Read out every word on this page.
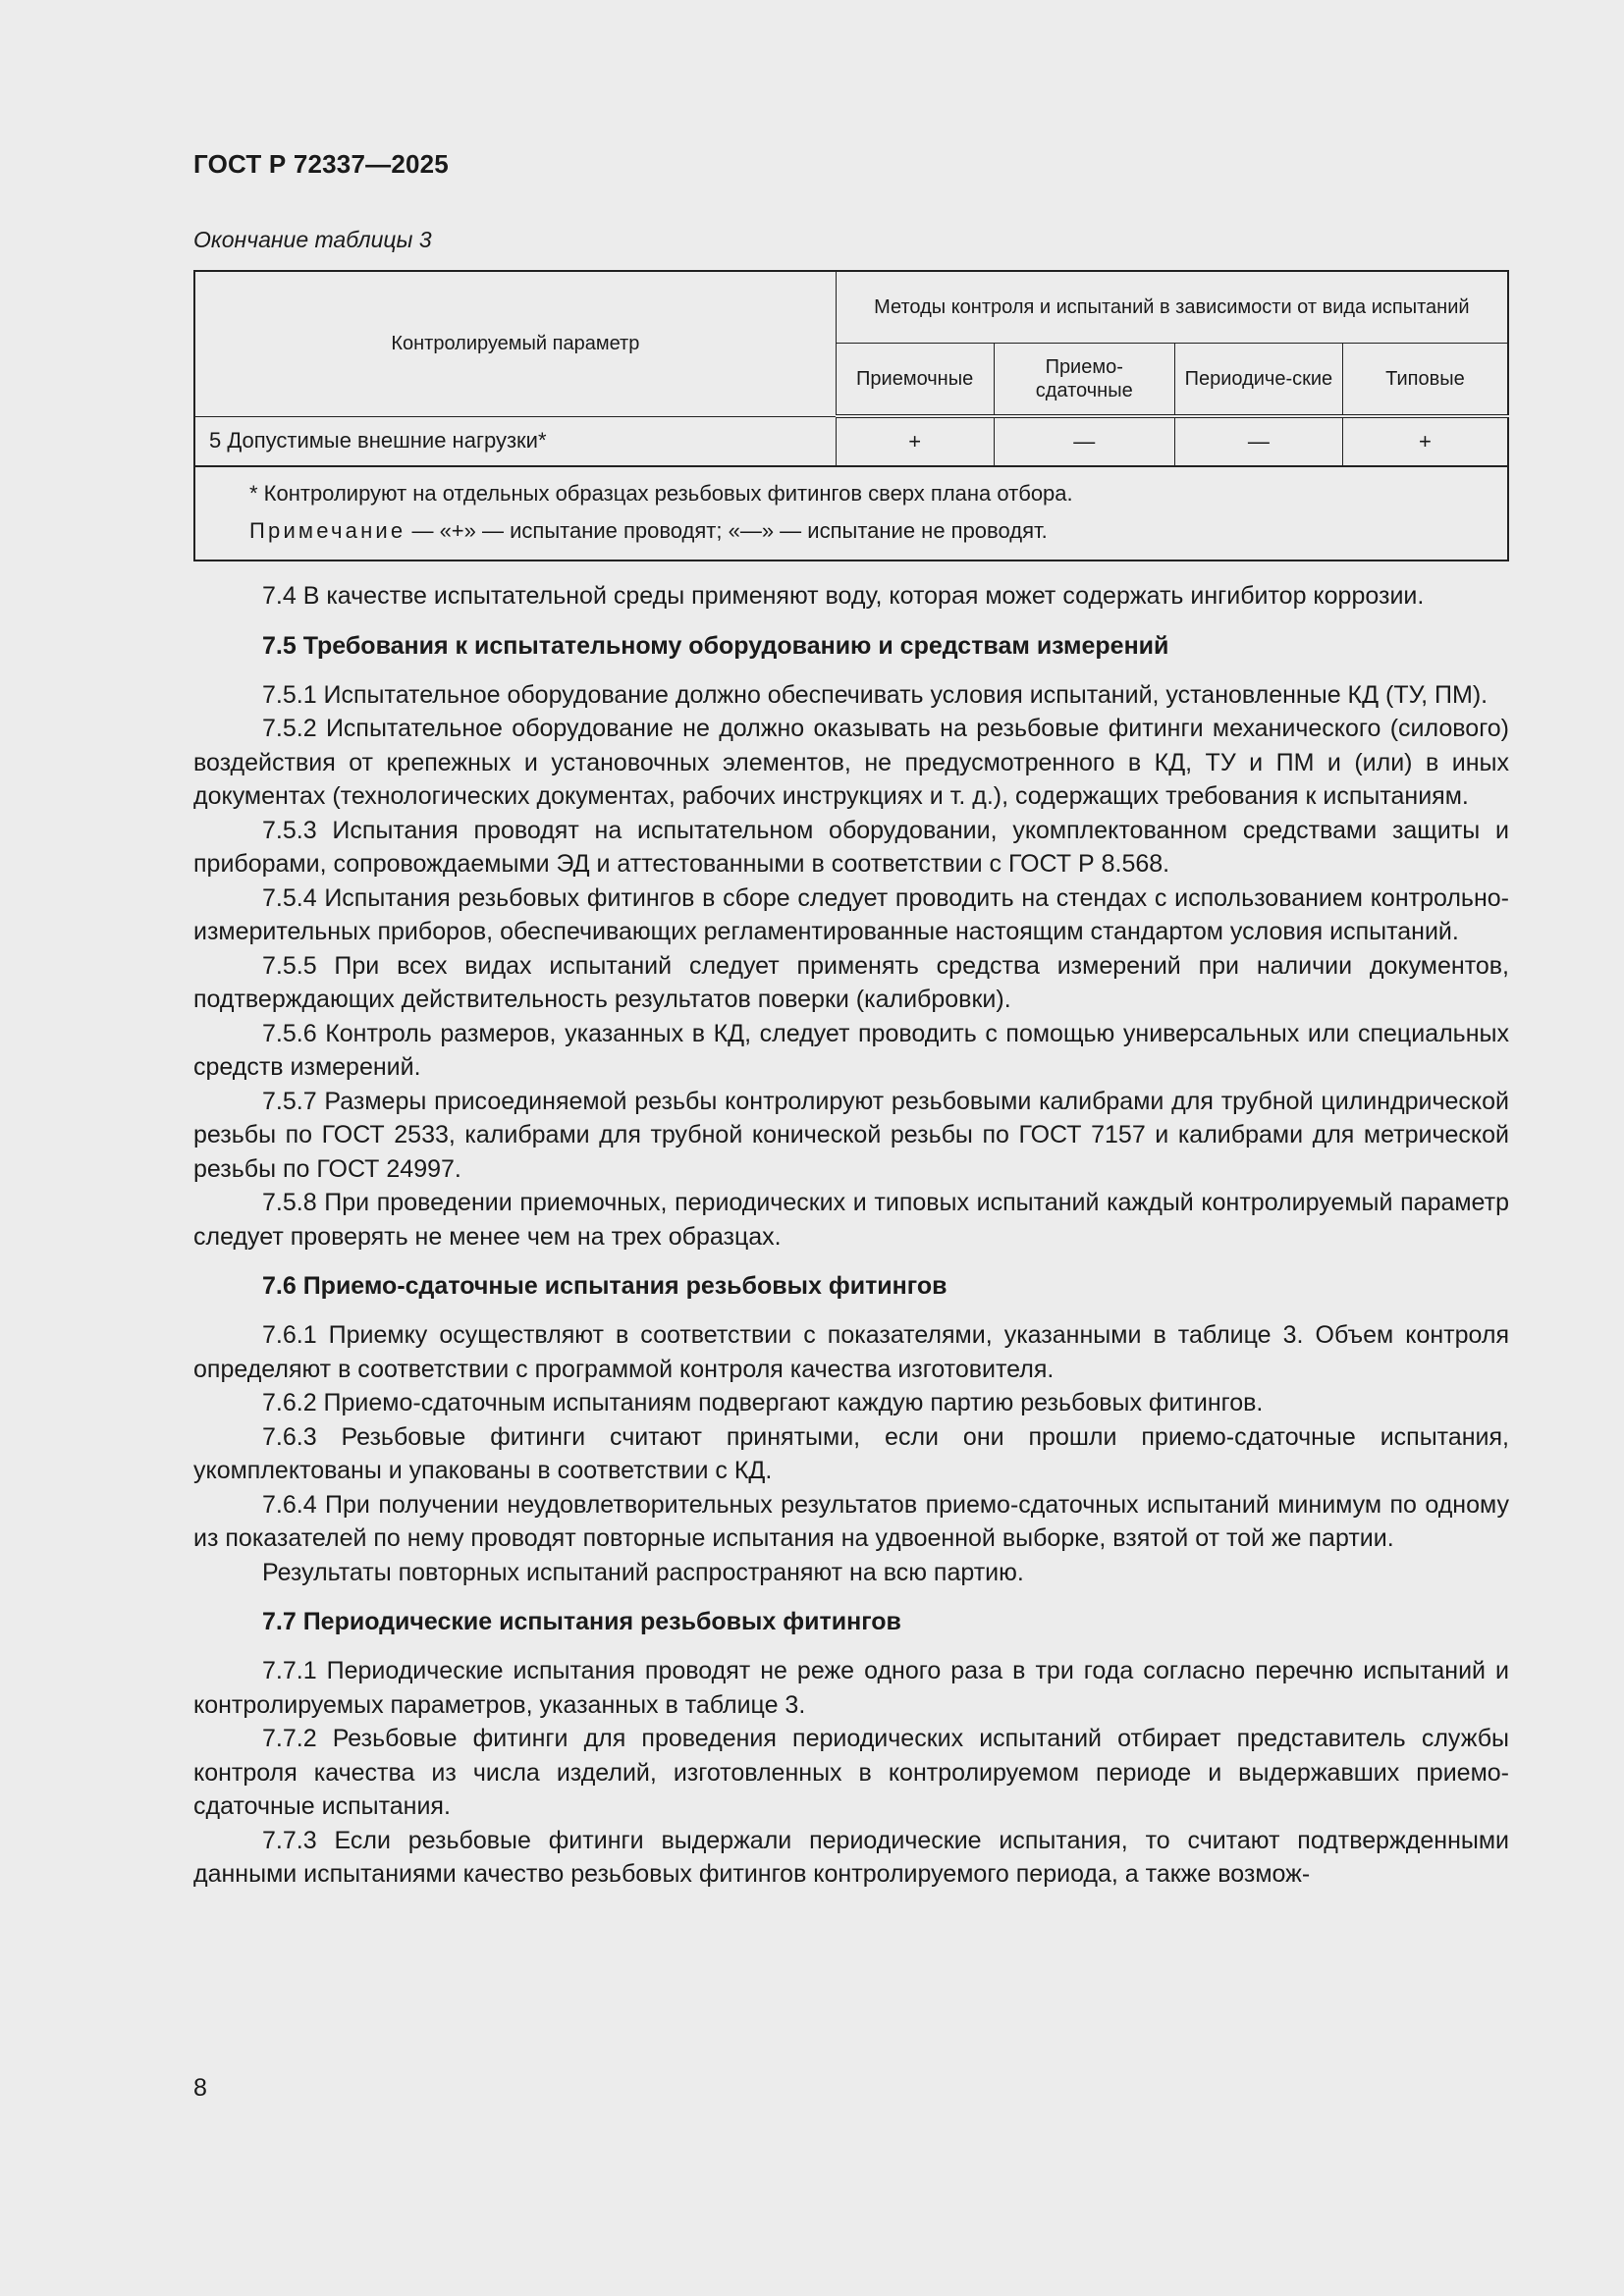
ГОСТ Р 72337—2025
Окончание таблицы 3
Контролируемый параметр	Методы контроля и испытаний в зависимости от вида испытаний			
	Приемочные	Приемо-сдаточные	Периодиче-ские	Типовые
5 Допустимые внешние нагрузки*	+	—	—	+

* Контролируют на отдельных образцах резьбовых фитингов сверх плана отбора.
Примечание — «+» — испытание проводят; «—» — испытание не проводят.				

7.4 В качестве испытательной среды применяют воду, которая может содержать ингибитор коррозии.

7.5 Требования к испытательному оборудованию и средствам измерений

7.5.1 Испытательное оборудование должно обеспечивать условия испытаний, установленные КД (ТУ, ПМ).

7.5.2 Испытательное оборудование не должно оказывать на резьбовые фитинги механического (силового) воздействия от крепежных и установочных элементов, не предусмотренного в КД, ТУ и ПМ и (или) в иных документах (технологических документах, рабочих инструкциях и т. д.), содержащих требования к испытаниям.

7.5.3 Испытания проводят на испытательном оборудовании, укомплектованном средствами защиты и приборами, сопровождаемыми ЭД и аттестованными в соответствии с ГОСТ Р 8.568.

7.5.4 Испытания резьбовых фитингов в сборе следует проводить на стендах с использованием контрольно-измерительных приборов, обеспечивающих регламентированные настоящим стандартом условия испытаний.

7.5.5 При всех видах испытаний следует применять средства измерений при наличии документов, подтверждающих действительность результатов поверки (калибровки).

7.5.6 Контроль размеров, указанных в КД, следует проводить с помощью универсальных или специальных средств измерений.

7.5.7 Размеры присоединяемой резьбы контролируют резьбовыми калибрами для трубной цилиндрической резьбы по ГОСТ 2533, калибрами для трубной конической резьбы по ГОСТ 7157 и калибрами для метрической резьбы по ГОСТ 24997.

7.5.8 При проведении приемочных, периодических и типовых испытаний каждый контролируемый параметр следует проверять не менее чем на трех образцах.

7.6 Приемо-сдаточные испытания резьбовых фитингов

7.6.1 Приемку осуществляют в соответствии с показателями, указанными в таблице 3. Объем контроля определяют в соответствии с программой контроля качества изготовителя.

7.6.2 Приемо-сдаточным испытаниям подвергают каждую партию резьбовых фитингов.

7.6.3 Резьбовые фитинги считают принятыми, если они прошли приемо-сдаточные испытания, укомплектованы и упакованы в соответствии с КД.

7.6.4 При получении неудовлетворительных результатов приемо-сдаточных испытаний минимум по одному из показателей по нему проводят повторные испытания на удвоенной выборке, взятой от той же партии.

Результаты повторных испытаний распространяют на всю партию.

7.7 Периодические испытания резьбовых фитингов

7.7.1 Периодические испытания проводят не реже одного раза в три года согласно перечню испытаний и контролируемых параметров, указанных в таблице 3.

7.7.2 Резьбовые фитинги для проведения периодических испытаний отбирает представитель службы контроля качества из числа изделий, изготовленных в контролируемом периоде и выдержавших приемо-сдаточные испытания.

7.7.3 Если резьбовые фитинги выдержали периодические испытания, то считают подтвержденными данными испытаниями качество резьбовых фитингов контролируемого периода, а также возмож-

8
